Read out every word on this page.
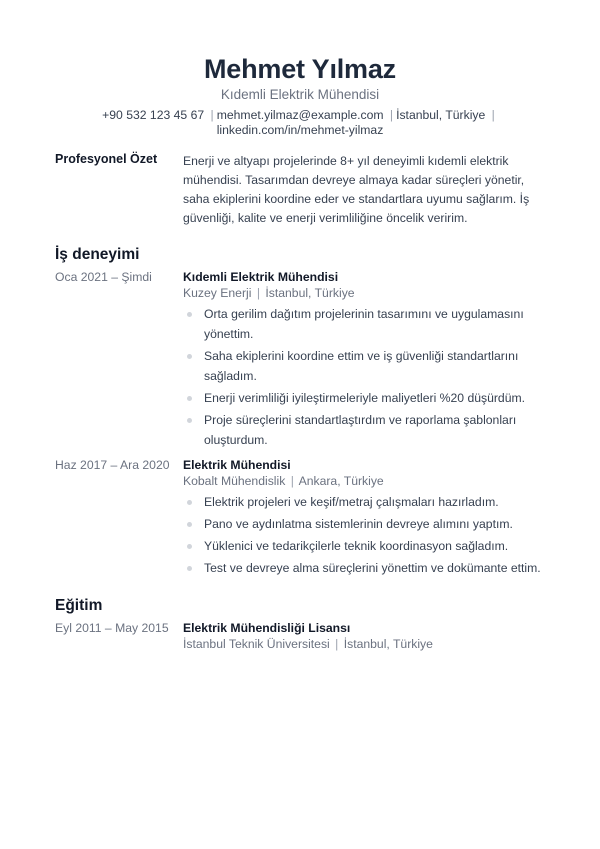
Mehmet Yılmaz
Kıdemli Elektrik Mühendisi
+90 532 123 45 67 | mehmet.yilmaz@example.com | İstanbul, Türkiye |
linkedin.com/in/mehmet-yilmaz
Profesyonel Özet Enerji ve altyapı projelerinde 8+ yıl deneyimli kıdemli elektrik mühendisi. Tasarımdan devreye almaya kadar süreçleri yönetir, saha ekiplerini koordine eder ve standartlara uyumu sağlarım. İş güvenliği, kalite ve enerji verimliliğine öncelik veririm.
İş deneyimi
Oca 2021 – Şimdi	Kıdemli Elektrik Mühendisi
Kuzey Enerji | İstanbul, Türkiye
Orta gerilim dağıtım projelerinin tasarımını ve uygulamasını yönettim.
Saha ekiplerini koordine ettim ve iş güvenliği standartlarını sağladım.
Enerji verimliliği iyileştirmeleriyle maliyetleri %20 düşürdüm.
Proje süreçlerini standartlaştırdım ve raporlama şablonları oluşturdum.
Haz 2017 – Ara 2020 Elektrik Mühendisi
Kobalt Mühendislik | Ankara, Türkiye
Elektrik projeleri ve keşif/metraj çalışmaları hazırladım.
Pano ve aydınlatma sistemlerinin devreye alımını yaptım.
Yüklenici ve tedarikçilerle teknik koordinasyon sağladım.
Test ve devreye alma süreçlerini yönettim ve dokümante ettim.
Eğitim
Eyl 2011 – May 2015 Elektrik Mühendisliği Lisansı
İstanbul Teknik Üniversitesi | İstanbul, Türkiye
